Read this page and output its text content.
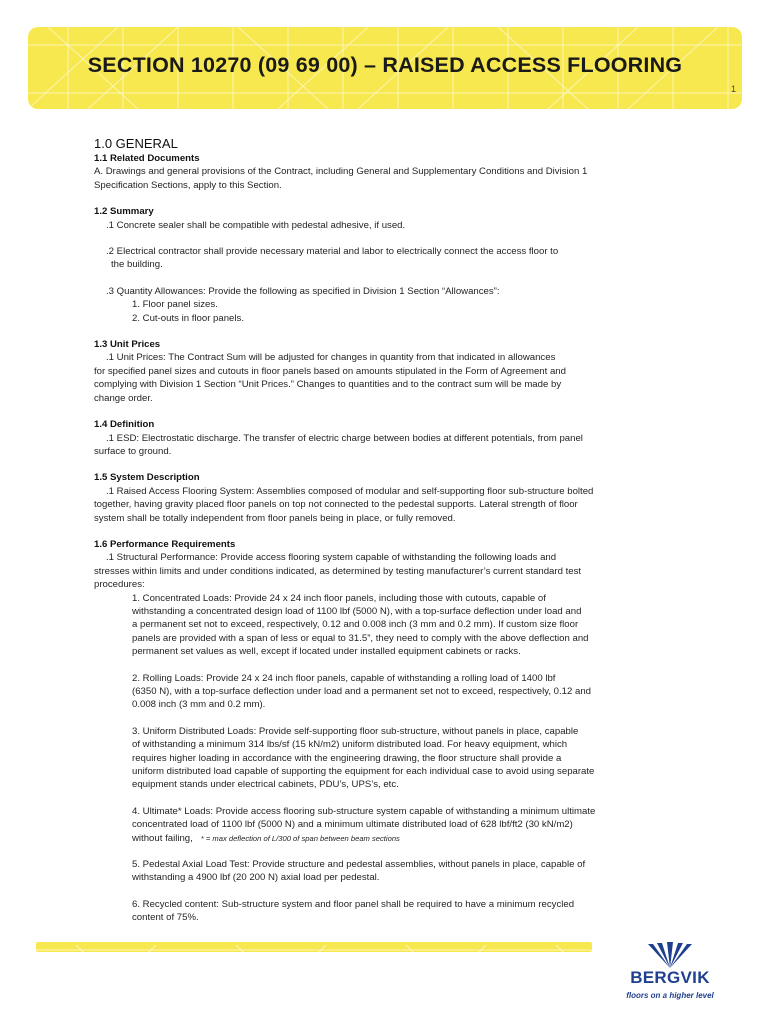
SECTION 10270 (09 69 00) – RAISED ACCESS FLOORING
1

1.0 GENERAL

1.1 Related Documents

A. Drawings and general provisions of the Contract, including General and Supplementary Conditions and Division 1

Specification Sections, apply to this Section.

1.2 Summary

.1 Concrete sealer shall be compatible with pedestal adhesive, if used.

.2 Electrical contractor shall provide necessary material and labor to electrically connect the access floor to

the building.

.3 Quantity Allowances: Provide the following as specified in Division 1 Section “Allowances”:

1. Floor panel sizes.

2. Cut-outs in floor panels.

1.3 Unit Prices

.1 Unit Prices: The Contract Sum will be adjusted for changes in quantity from that indicated in allowances

for specified panel sizes and cutouts in floor panels based on amounts stipulated in the Form of Agreement and

complying with Division 1 Section “Unit Prices.” Changes to quantities and to the contract sum will be made by

change order.

1.4 Definition

.1 ESD: Electrostatic discharge. The transfer of electric charge between bodies at different potentials, from panel

surface to ground.

1.5 System Description

.1 Raised Access Flooring System: Assemblies composed of modular and self-supporting floor sub-structure bolted

together, having gravity placed floor panels on top not connected to the pedestal supports. Lateral strength of floor

system shall be totally independent from floor panels being in place, or fully removed.

1.6 Performance Requirements

.1 Structural Performance: Provide access flooring system capable of withstanding the following loads and

stresses within limits and under conditions indicated, as determined by testing manufacturer’s current standard test

procedures:

1. Concentrated Loads: Provide 24 x 24 inch floor panels, including those with cutouts, capable of

withstanding a concentrated design load of 1100 lbf (5000 N), with a top-surface deflection under load and

a permanent set not to exceed, respectively, 0.12 and 0.008 inch (3 mm and 0.2 mm). If custom size floor

panels are provided with a span of less or equal to 31.5”, they need to comply with the above deflection and

permanent set values as well, except if located under installed equipment cabinets or racks.

2. Rolling Loads: Provide 24 x 24 inch floor panels, capable of withstanding a rolling load of 1400 lbf

(6350 N), with a top-surface deflection under load and a permanent set not to exceed, respectively, 0.12 and

0.008 inch (3 mm and 0.2 mm).

3. Uniform Distributed Loads: Provide self-supporting floor sub-structure, without panels in place, capable

of withstanding a minimum 314 lbs/sf (15 kN/m2) uniform distributed load. For heavy equipment, which

requires higher loading in accordance with the engineering drawing, the floor structure shall provide a

uniform distributed load capable of supporting the equipment for each individual case to avoid using separate

equipment stands under electrical cabinets, PDU’s, UPS’s, etc.

4. Ultimate* Loads: Provide access flooring sub-structure system capable of withstanding a minimum ultimate

concentrated load of 1100 lbf (5000 N) and a minimum ultimate distributed load of 628 lbf/ft2 (30 kN/m2)

without failing, * = max deflection of L/300 of span between beam sections

5. Pedestal Axial Load Test: Provide structure and pedestal assemblies, without panels in place, capable of

withstanding a 4900 lbf (20 200 N) axial load per pedestal.

6. Recycled content: Sub-structure system and floor panel shall be required to have a minimum recycled

content of 75%.

BERGVIK
floors on a higher level
